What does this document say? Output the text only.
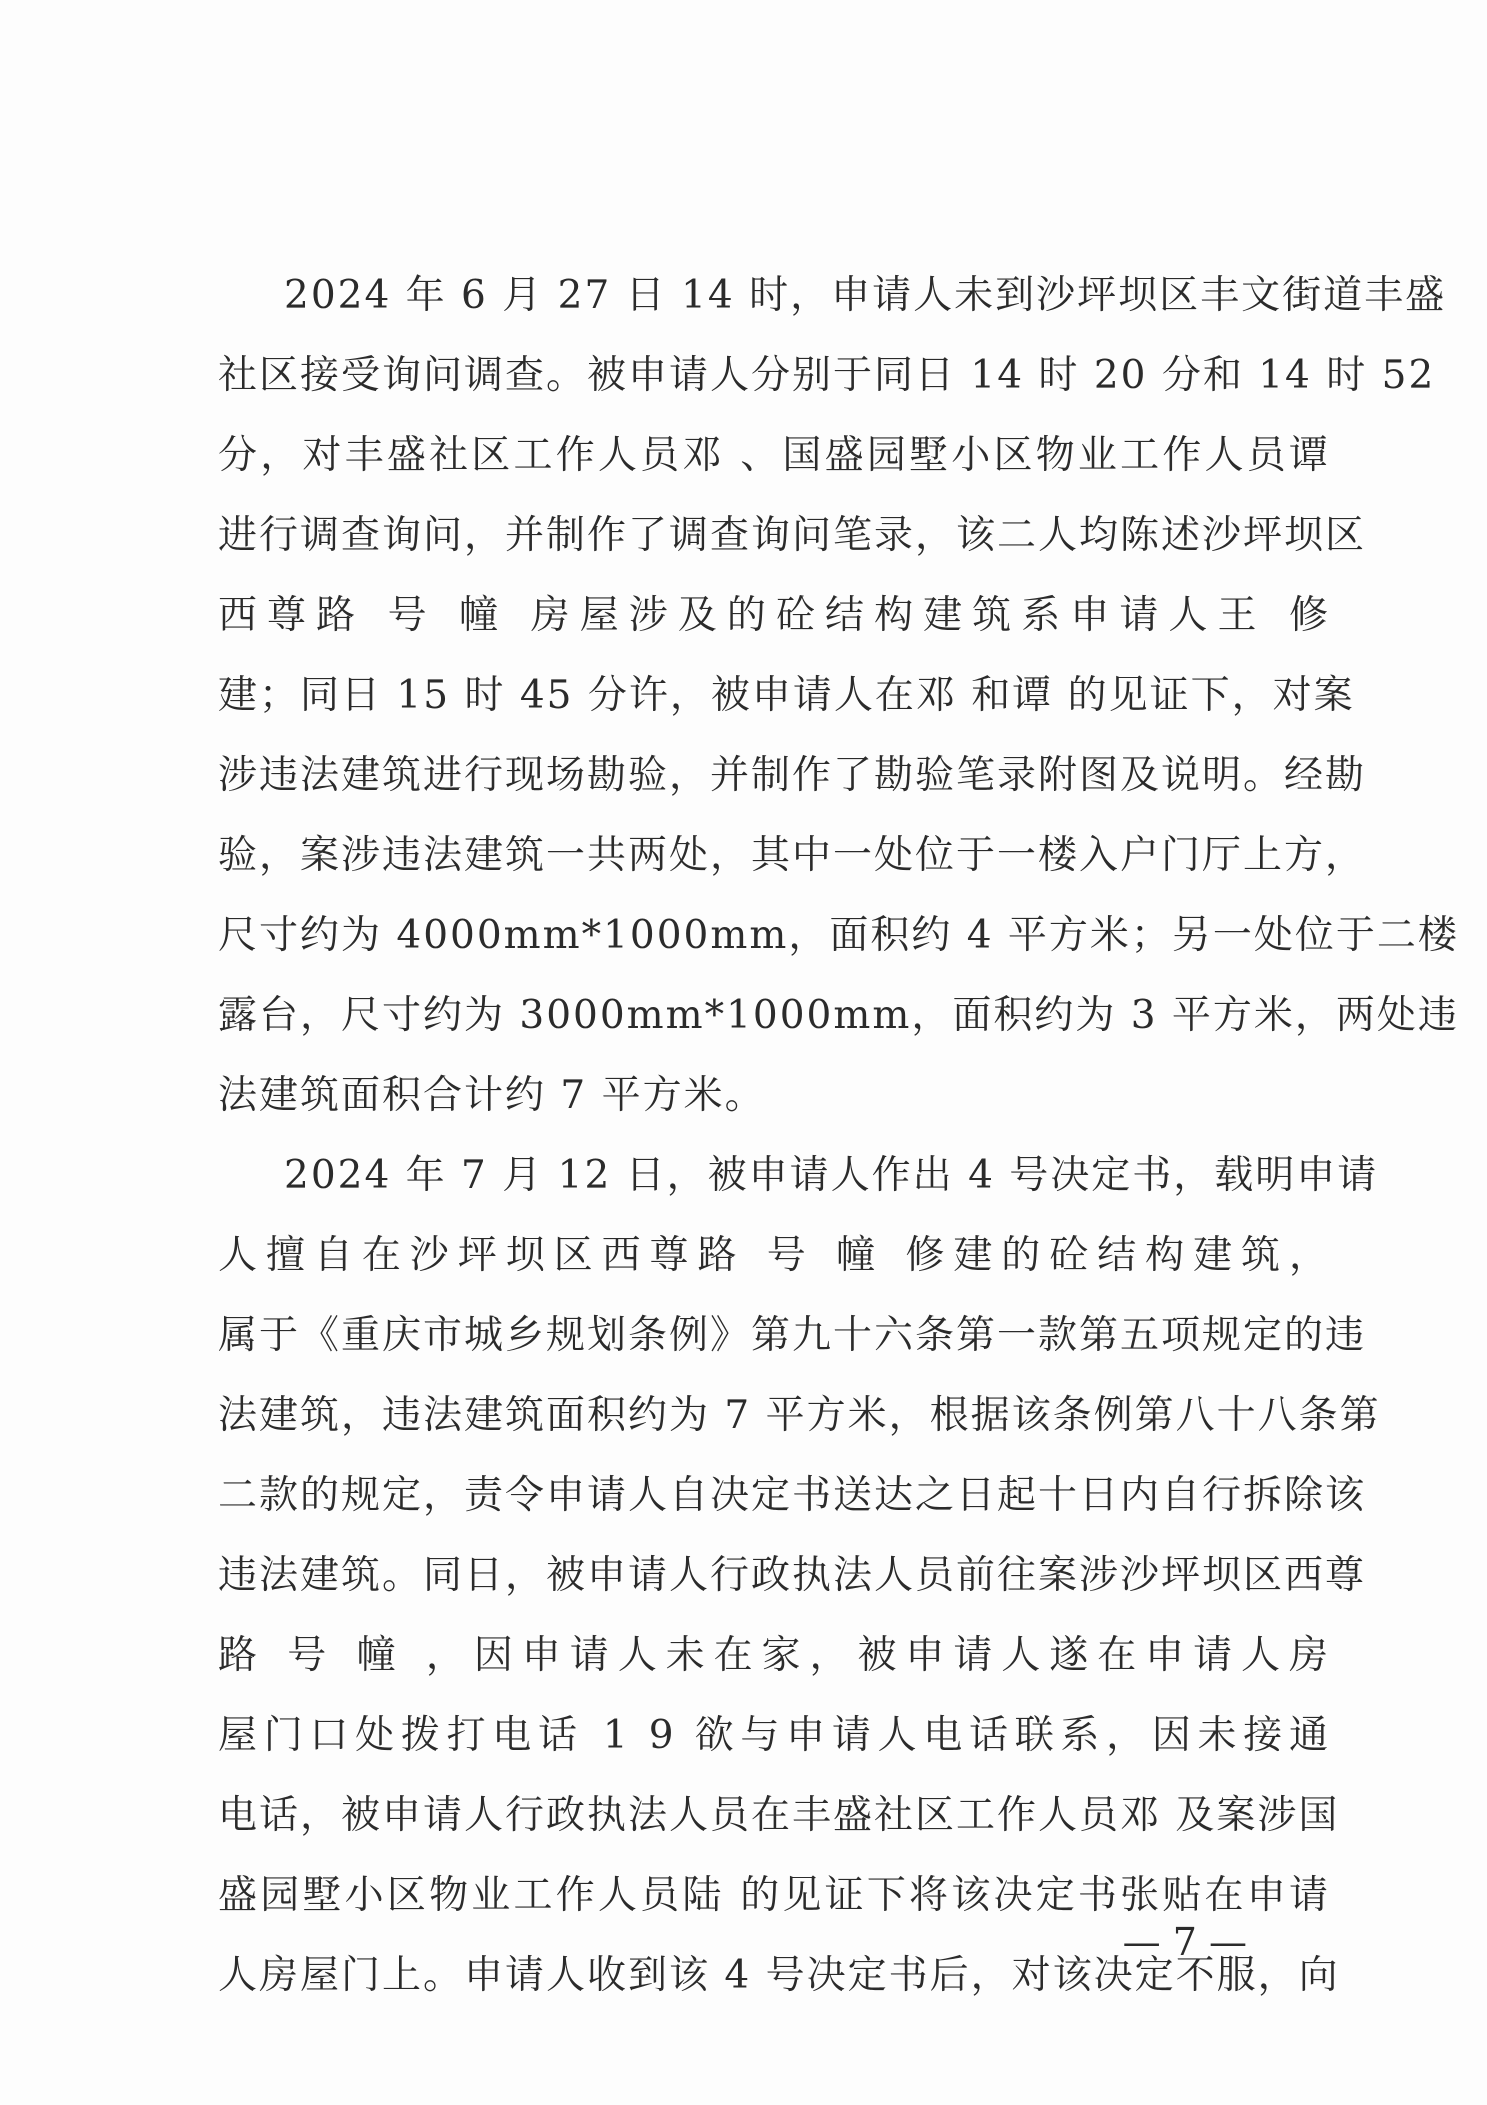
2024 年 6 月 27 日 14 时，申请人未到沙坪坝区丰文街道丰盛
社区接受询问调查。被申请人分别于同日 14 时 20 分和 14 时 52
分，对丰盛社区工作人员邓 、国盛园墅小区物业工作人员谭
进行调查询问，并制作了调查询问笔录，该二人均陈述沙坪坝区
西尊路 号 幢 房屋涉及的砼结构建筑系申请人王 修
建；同日 15 时 45 分许，被申请人在邓 和谭 的见证下，对案
涉违法建筑进行现场勘验，并制作了勘验笔录附图及说明。经勘
验，案涉违法建筑一共两处，其中一处位于一楼入户门厅上方，
尺寸约为 4000mm*1000mm，面积约 4 平方米；另一处位于二楼
露台，尺寸约为 3000mm*1000mm，面积约为 3 平方米，两处违
法建筑面积合计约 7 平方米。
2024 年 7 月 12 日，被申请人作出 4 号决定书，载明申请
人擅自在沙坪坝区西尊路 号 幢 修建的砼结构建筑，
属于《重庆市城乡规划条例》第九十六条第一款第五项规定的违
法建筑，违法建筑面积约为 7 平方米，根据该条例第八十八条第
二款的规定，责令申请人自决定书送达之日起十日内自行拆除该
违法建筑。同日，被申请人行政执法人员前往案涉沙坪坝区西尊
路 号 幢 ，因申请人未在家，被申请人遂在申请人房
屋门口处拨打电话 1 9 欲与申请人电话联系，因未接通
电话，被申请人行政执法人员在丰盛社区工作人员邓 及案涉国
盛园墅小区物业工作人员陆 的见证下将该决定书张贴在申请
人房屋门上。申请人收到该 4 号决定书后，对该决定不服，向
— 7 —
